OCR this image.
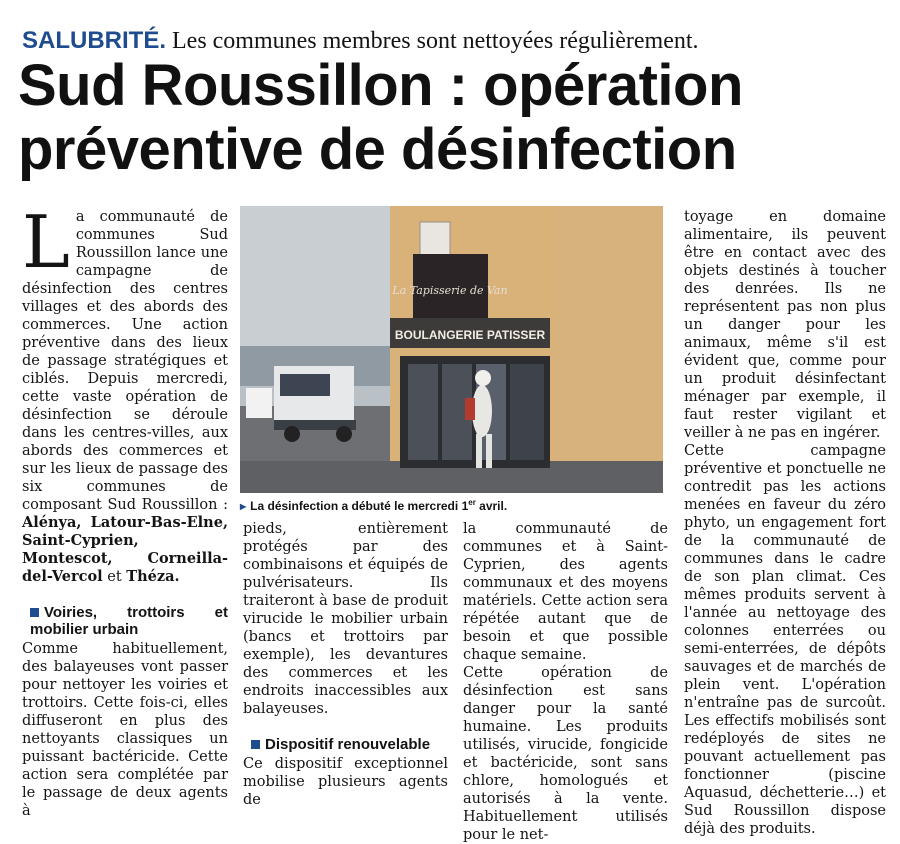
SALUBRITÉ. Les communes membres sont nettoyées régulièrement.
Sud Roussillon : opération préventive de désinfection

La communauté de communes Sud Roussillon lance une campagne de désinfection des centres villages et des abords des commerces. Une action préventive dans des lieux de passage stratégiques et ciblés. Depuis mercredi, cette vaste opération de désinfection se déroule dans les centres-villes, aux abords des commerces et sur les lieux de passage des six communes de composant Sud Roussillon : Alénya, Latour-Bas-Elne, Saint-Cyprien, Montescot, Corneilla-del-Vercol et Théza.

Voiries, trottoirs et mobilier urbain

Comme habituellement, des balayeuses vont passer pour nettoyer les voiries et trottoirs. Cette fois-ci, elles diffuseront en plus des nettoyants classiques un puissant bactéricide. Cette action sera complétée par le passage de deux agents à

La Tapisserie de Van
BOULANGERIE PATISSER
▶ La désinfection a débuté le mercredi 1er avril.

pieds, entièrement protégés par des combinaisons et équipés de pulvérisateurs. Ils traiteront à base de produit virucide le mobilier urbain (bancs et trottoirs par exemple), les devantures des commerces et les endroits inaccessibles aux balayeuses.

Dispositif renouvelable

Ce dispositif exceptionnel mobilise plusieurs agents de

la communauté de communes et à Saint-Cyprien, des agents communaux et des moyens matériels. Cette action sera répétée autant que de besoin et que possible chaque semaine.

Cette opération de désinfection est sans danger pour la santé humaine. Les produits utilisés, virucide, fongicide et bactéricide, sont sans chlore, homologués et autorisés à la vente. Habituellement utilisés pour le net-

toyage en domaine alimentaire, ils peuvent être en contact avec des objets destinés à toucher des denrées. Ils ne représentent pas non plus un danger pour les animaux, même s'il est évident que, comme pour un produit désinfectant ménager par exemple, il faut rester vigilant et veiller à ne pas en ingérer.

Cette campagne préventive et ponctuelle ne contredit pas les actions menées en faveur du zéro phyto, un engagement fort de la communauté de communes dans le cadre de son plan climat. Ces mêmes produits servent à l'année au nettoyage des colonnes enterrées ou semi-enterrées, de dépôts sauvages et de marchés de plein vent. L'opération n'entraîne pas de surcoût. Les effectifs mobilisés sont redéployés de sites ne pouvant actuellement pas fonctionner (piscine Aquasud, déchetterie…) et Sud Roussillon dispose déjà des produits.
